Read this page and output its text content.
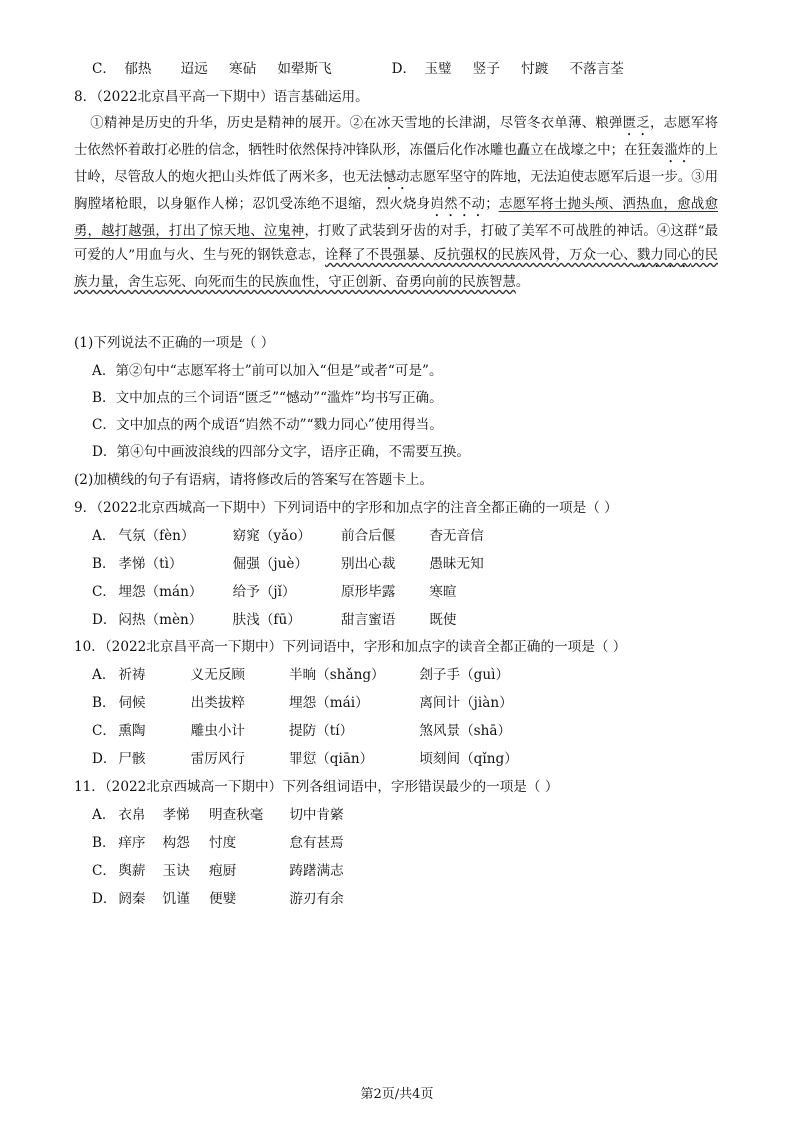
C． 郁热 迢远 寒砧 如翚斯飞	D． 玉璧 竖子 忖踱 不落言荃
8．（2022北京昌平高一下期中）语言基础运用。
①精神是历史的升华，历史是精神的展开。②在冰天雪地的长津湖，尽管冬衣单薄、粮弹匮乏，志愿军将士依然怀着敢打必胜的信念，牺牲时依然保持冲锋队形，冻僵后化作冰雕也矗立在战壕之中；在狂轰滥炸的上甘岭，尽管敌人的炮火把山头炸低了两米多，也无法憾动志愿军坚守的阵地，无法迫使志愿军后退一步。③用胸膛堵枪眼，以身躯作人梯；忍饥受冻绝不退缩，烈火烧身岿然不动；志愿军将士抛头颅、洒热血，愈战愈勇，越打越强，打出了惊天地、泣鬼神，打败了武装到牙齿的对手，打破了美军不可战胜的神话。④这群“最可爱的人”用血与火、生与死的钢铁意志，诠释了不畏强暴、反抗强权的民族风骨，万众一心、戮力同心的民族力量，舍生忘死、向死而生的民族血性，守正创新、奋勇向前的民族智慧。
(1)下列说法不正确的一项是（ ）
A．第②句中“志愿军将士”前可以加入“但是”或者“可是”。
B．文中加点的三个词语“匮乏”“憾动”“滥炸”均书写正确。
C．文中加点的两个成语“岿然不动”“戮力同心”使用得当。
D．第④句中画波浪线的四部分文字，语序正确，不需要互换。
(2)加横线的句子有语病，请将修改后的答案写在答题卡上。
9．（2022北京西城高一下期中）下列词语中的字形和加点字的注音全都正确的一项是（ ）
A． 气氛（fèn）	窈窕（yǎo） 前合后偃 杳无音信
B． 孝悌（tì）	倔强（juè） 别出心裁 愚昧无知
C． 埋怨（mán） 给予（jǐ）	原形毕露 寒暄
D． 闷热（mèn） 肤浅（fū）	甜言蜜语 既使
10．（2022北京昌平高一下期中）下列词语中，字形和加点字的读音全都正确的一项是（ ）
A． 祈祷	义无反顾	半晌（shǎng）	刽子手（guì）
B． 伺候	出类拔粹	埋怨（mái）	离间计（jiàn）
C． 熏陶	雕虫小计	提防（tí）	煞风景（shā）
D． 尸骸	雷厉风行	罪愆（qiān）	顷刻间（qǐng）
11．（2022北京西城高一下期中）下列各组词语中，字形错误最少的一项是（ ）
A． 衣帛 孝悌 明查秋毫 切中肯綮
B． 痒序 构怨 忖度	怠有甚焉
C． 舆薪 玉诀 疱厨	踌躇满志
D． 阏秦 饥谨 便嬖	游刃有余
第2页/共4页
